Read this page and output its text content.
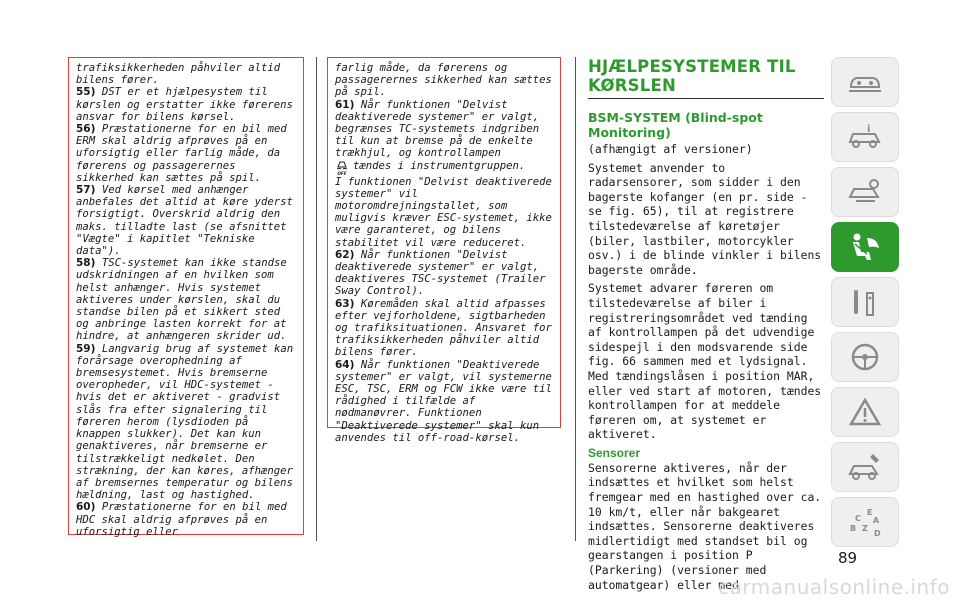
trafiksikkerheden påhviler altid bilens fører.

55) DST er et hjælpesystem til kørslen og erstatter ikke førerens ansvar for bilens kørsel.

56) Præstationerne for en bil med ERM skal aldrig afprøves på en uforsigtig eller farlig måde, da førerens og passagerernes sikkerhed kan sættes på spil.

57) Ved kørsel med anhænger anbefales det altid at køre yderst forsigtigt. Overskrid aldrig den maks. tilladte last (se afsnittet "Vægte" i kapitlet "Tekniske data").

58) TSC-systemet kan ikke standse udskridningen af en hvilken som helst anhænger. Hvis systemet aktiveres under kørslen, skal du standse bilen på et sikkert sted og anbringe lasten korrekt for at hindre, at anhængeren skrider ud.

59) Langvarig brug af systemet kan forårsage overophedning af bremsesystemet. Hvis bremserne overopheder, vil HDC-systemet - hvis det er aktiveret - gradvist slås fra efter signalering til føreren herom (lysdioden på knappen slukker). Det kan kun genaktiveres, når bremserne er tilstrækkeligt nedkølet. Den strækning, der kan køres, afhænger af bremsernes temperatur og bilens hældning, last og hastighed.

60) Præstationerne for en bil med HDC skal aldrig afprøves på en uforsigtig eller

farlig måde, da førerens og passagerernes sikkerhed kan sættes på spil.

61) Når funktionen "Delvist deaktiverede systemer" er valgt, begrænses TC-systemets indgriben til kun at bremse på de enkelte trækhjul, og kontrollampen

OFF
tændes i instrumentgruppen.

I funktionen "Delvist deaktiverede systemer" vil motoromdrejningstallet, som muligvis kræver ESC-systemet, ikke være garanteret, og bilens stabilitet vil være reduceret.

62) Når funktionen "Delvist deaktiverede systemer" er valgt, deaktiveres TSC-systemet (Trailer Sway Control).

63) Køremåden skal altid afpasses efter vejforholdene, sigtbarheden og trafiksituationen. Ansvaret for trafiksikkerheden påhviler altid bilens fører.

64) Når funktionen "Deaktiverede systemer" er valgt, vil systemerne ESC, TSC, ERM og FCW ikke være til rådighed i tilfælde af nødmanøvrer. Funktionen "Deaktiverede systemer" skal kun anvendes til off-road-kørsel.

HJÆLPESYSTEMER TIL KØRSLEN
BSM-SYSTEM (Blind-spot Monitoring)

(afhængigt af versioner)

Systemet anvender to radarsensorer, som sidder i den bagerste kofanger (en pr. side - se fig. 65), til at registrere tilstedeværelse af køretøjer (biler, lastbiler, motorcykler osv.) i de blinde vinkler i bilens bagerste område.

Systemet advarer føreren om tilstedeværelse af biler i registreringsområdet ved tænding af kontrollampen på det udvendige sidespejl i den modsvarende side fig. 66 sammen med et lydsignal. Med tændingslåsen i position MAR, eller ved start af motoren, tændes kontrollampen for at meddele føreren om, at systemet er aktiveret.

Sensorer

Sensorerne aktiveres, når der indsættes et hvilket som helst fremgear med en hastighed over ca. 10 km/t, eller når bakgearet indsættes. Sensorerne deaktiveres midlertidigt med standset bil og gearstangen i position P (Parkering) (versioner med automatgear) eller med

i
E
C A
B Z
D
89
carmanualsonline.info
